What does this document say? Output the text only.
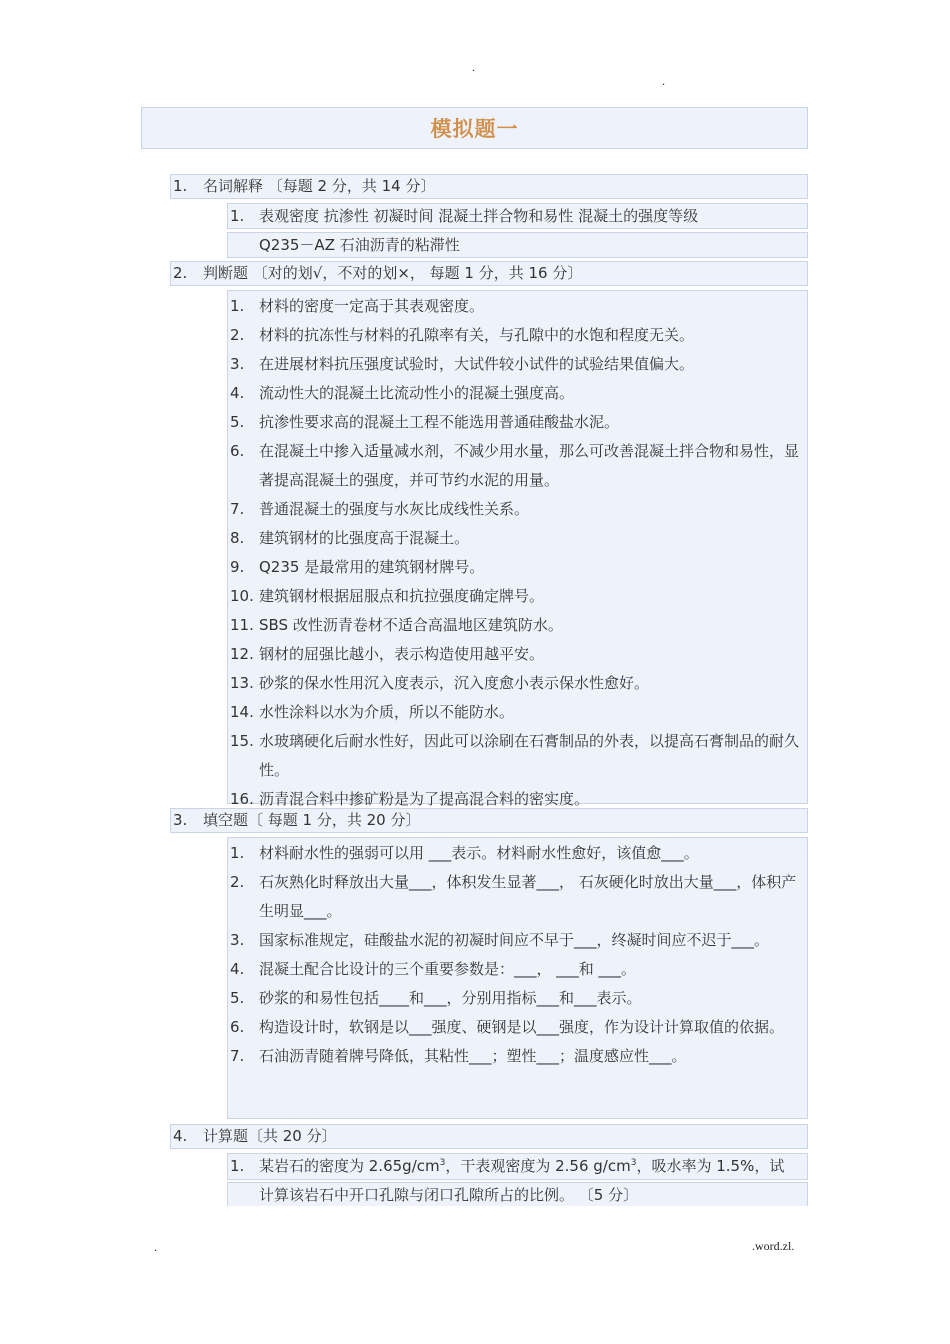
.
.
模拟题一
1. 名词解释 〔每题 2 分，共 14 分〕
1. 表观密度 抗渗性 初凝时间 混凝土拌合物和易性 混凝土的强度等级
Q235－AZ 石油沥青的粘滞性
2. 判断题 〔对的划√，不对的划×， 每题 1 分，共 16 分〕
1. 材料的密度一定高于其表观密度。
2. 材料的抗冻性与材料的孔隙率有关，与孔隙中的水饱和程度无关。
3. 在进展材料抗压强度试验时，大试件较小试件的试验结果值偏大。
4. 流动性大的混凝土比流动性小的混凝土强度高。
5. 抗渗性要求高的混凝土工程不能选用普通硅酸盐水泥。
6. 在混凝土中掺入适量减水剂，不减少用水量，那么可改善混凝土拌合物和易性，显著提高混凝土的强度，并可节约水泥的用量。
7. 普通混凝土的强度与水灰比成线性关系。
8. 建筑钢材的比强度高于混凝土。
9. Q235 是最常用的建筑钢材牌号。
10. 建筑钢材根据屈服点和抗拉强度确定牌号。
11. SBS 改性沥青卷材不适合高温地区建筑防水。
12. 钢材的屈强比越小，表示构造使用越平安。
13. 砂浆的保水性用沉入度表示，沉入度愈小表示保水性愈好。
14. 水性涂料以水为介质，所以不能防水。
15. 水玻璃硬化后耐水性好，因此可以涂刷在石膏制品的外表，以提高石膏制品的耐久性。
16. 沥青混合料中掺矿粉是为了提高混合料的密实度。
3. 填空题〔 每题 1 分，共 20 分〕
1. 材料耐水性的强弱可以用 ___表示。材料耐水性愈好，该值愈___。
2. 石灰熟化时释放出大量___，体积发生显著___， 石灰硬化时放出大量___，体积产生明显___。
3. 国家标准规定，硅酸盐水泥的初凝时间应不早于___，终凝时间应不迟于___。
4. 混凝土配合比设计的三个重要参数是：___， ___和 ___。
5. 砂浆的和易性包括____和___，分别用指标___和___表示。
6. 构造设计时，软钢是以___强度、硬钢是以___强度，作为设计计算取值的依据。
7. 石油沥青随着牌号降低，其粘性___；塑性___；温度感应性___。
4. 计算题〔共 20 分〕
1. 某岩石的密度为 $2.65g/cm^3$，干表观密度为 2.56 $g/cm^3$，吸水率为 1.5%，试
计算该岩石中开口孔隙与闭口孔隙所占的比例。 〔5 分〕
.	.word.zl.
